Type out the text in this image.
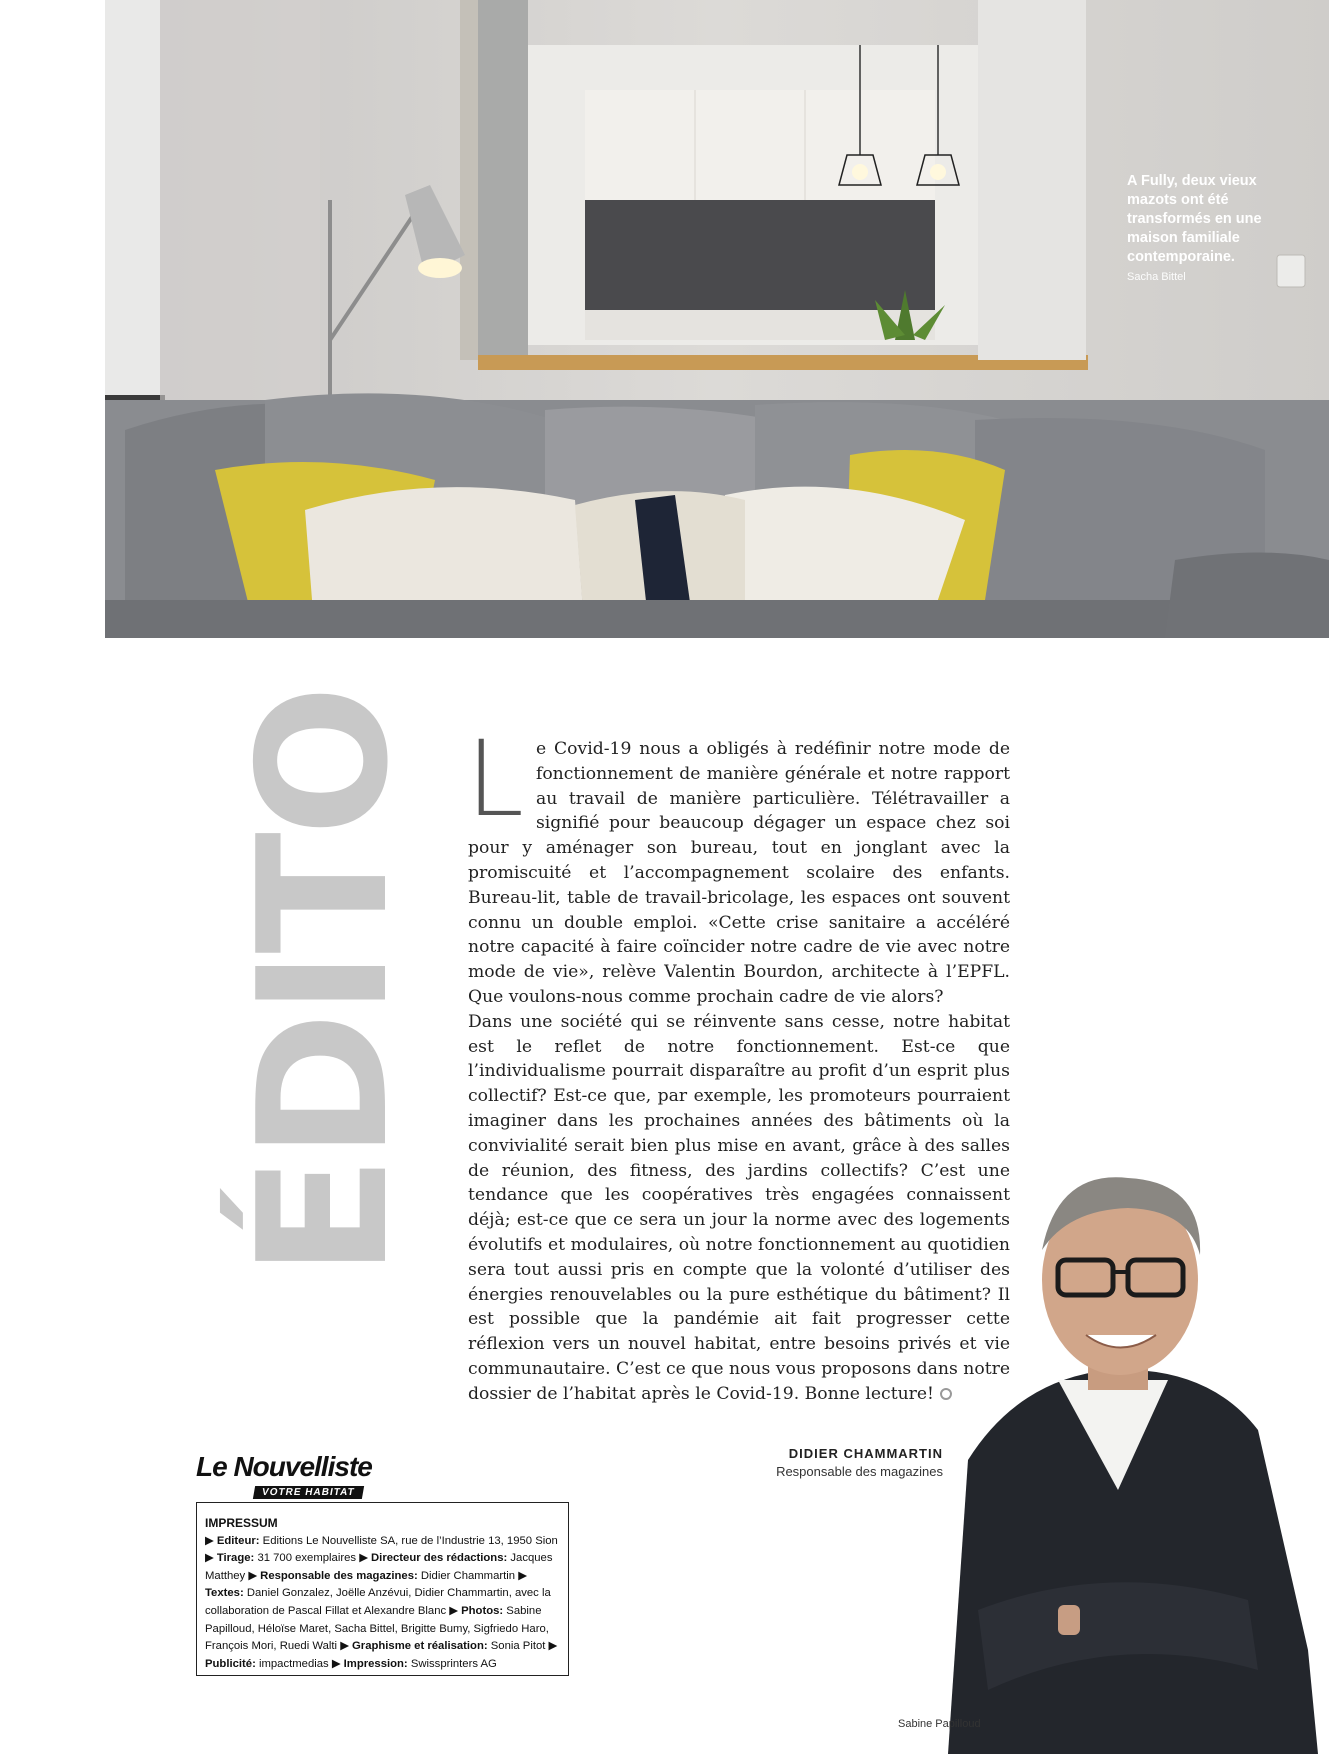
A Fully, deux vieux mazots ont été transformés en une maison familiale contemporaine.

Sacha Bittel
ÉDITO Le Covid-19 nous a obligés à redéfinir notre mode de fonctionnement de manière générale et notre rapport au travail de manière particulière. Télétravailler a signifié pour beaucoup dégager un espace chez soi pour y aménager son bureau, tout en jonglant avec la promiscuité et l’accompagnement scolaire des enfants. Bureau-lit, table de travail-bricolage, les espaces ont souvent connu un double emploi. «Cette crise sanitaire a accéléré notre capacité à faire coïncider notre cadre de vie avec notre mode de vie», relève Valentin Bourdon, architecte à l’EPFL. Que voulons-nous comme prochain cadre de vie alors?

Dans une société qui se réinvente sans cesse, notre habitat est le reflet de notre fonctionnement. Est-ce que l’individualisme pourrait disparaître au profit d’un esprit plus collectif? Est-ce que, par exemple, les promoteurs pourraient imaginer dans les prochaines années des bâtiments où la convivialité serait bien plus mise en avant, grâce à des salles de réunion, des fitness, des jardins collectifs? C’est une tendance que les coopératives très engagées connaissent déjà; est-ce que ce sera un jour la norme avec des logements évolutifs et modulaires, où notre fonctionnement au quotidien sera tout aussi pris en compte que la volonté d’utiliser des énergies renouvelables ou la pure esthétique du bâtiment? Il est possible que la pandémie ait fait progresser cette réflexion vers un nouvel habitat, entre besoins privés et vie communautaire. C’est ce que nous vous proposons dans notre dossier de l’habitat après le Covid-19. Bonne lecture!

DIDIER CHAMMARTIN
Responsable des magazines
Sabine Papilloud
Le Nouvelliste
VOTRE HABITAT
IMPRESSUM
▶ Editeur: Editions Le Nouvelliste SA, rue de l’Industrie 13, 1950 Sion ▶ Tirage: 31 700 exemplaires ▶ Directeur des rédactions: Jacques Matthey ▶ Responsable des magazines: Didier Chammartin ▶ Textes: Daniel Gonzalez, Joëlle Anzévui, Didier Chammartin, avec la collaboration de Pascal Fillat et Alexandre Blanc ▶ Photos: Sabine Papilloud, Héloïse Maret, Sacha Bittel, Brigitte Bumy, Sigfriedo Haro, François Mori, Ruedi Walti ▶ Graphisme et réalisation: Sonia Pitot ▶ Publicité: impactmedias ▶ Impression: Swissprinters AG
